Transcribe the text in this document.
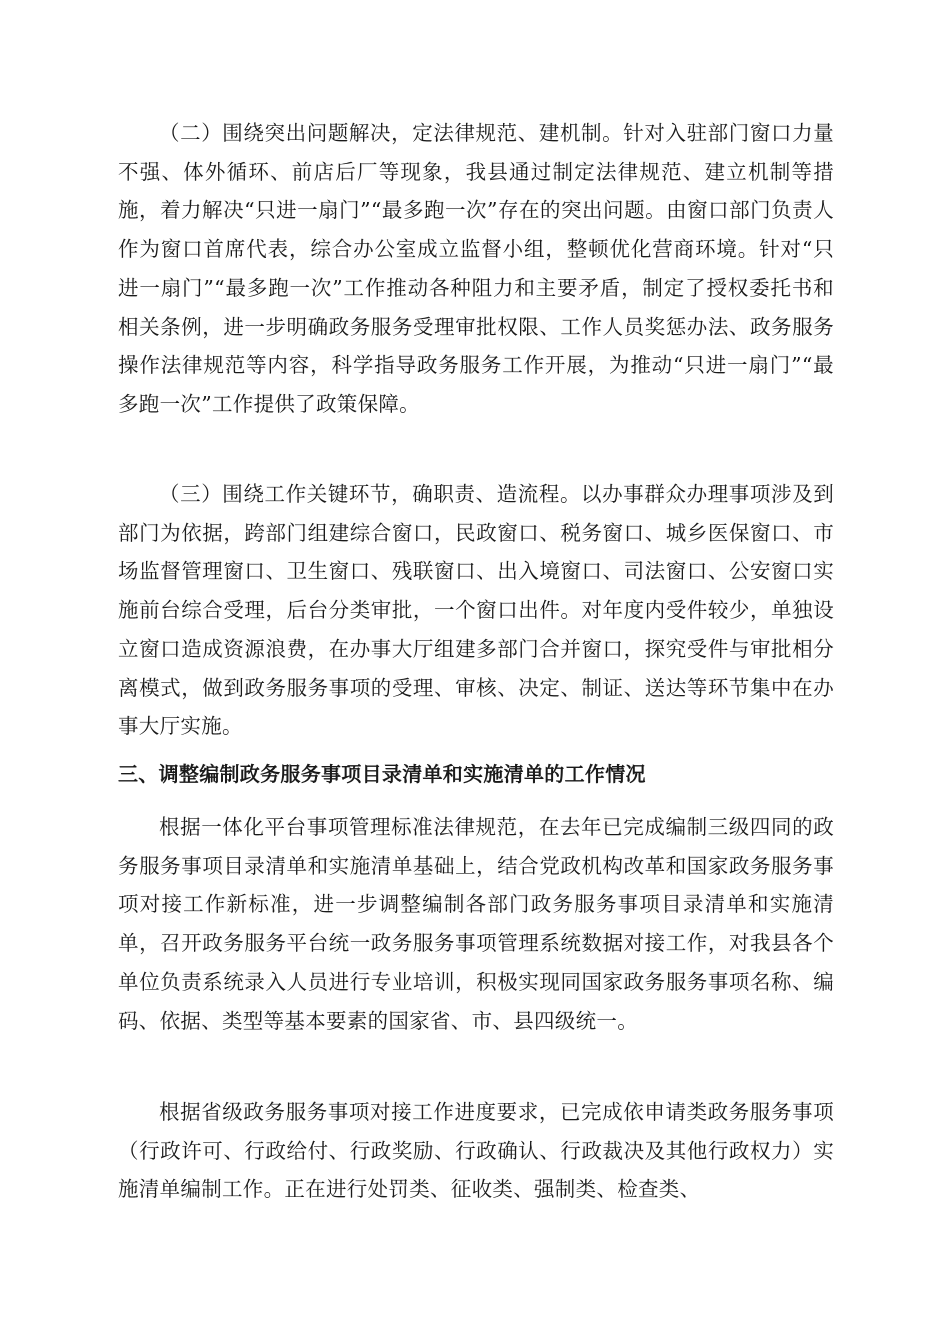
（二）围绕突出问题解决，定法律规范、建机制。针对入驻部门窗口力量不强、体外循环、前店后厂等现象，我县通过制定法律规范、建立机制等措施，着力解决“只进一扇门”“最多跑一次”存在的突出问题。由窗口部门负责人作为窗口首席代表，综合办公室成立监督小组，整顿优化营商环境。针对“只进一扇门”“最多跑一次”工作推动各种阻力和主要矛盾，制定了授权委托书和相关条例，进一步明确政务服务受理审批权限、工作人员奖惩办法、政务服务操作法律规范等内容，科学指导政务服务工作开展，为推动“只进一扇门”“最多跑一次”工作提供了政策保障。

（三）围绕工作关键环节，确职责、造流程。以办事群众办理事项涉及到部门为依据，跨部门组建综合窗口，民政窗口、税务窗口、城乡医保窗口、市场监督管理窗口、卫生窗口、残联窗口、出入境窗口、司法窗口、公安窗口实施前台综合受理，后台分类审批，一个窗口出件。对年度内受件较少，单独设立窗口造成资源浪费，在办事大厅组建多部门合并窗口，探究受件与审批相分离模式，做到政务服务事项的受理、审核、决定、制证、送达等环节集中在办事大厅实施。

三、调整编制政务服务事项目录清单和实施清单的工作情况

根据一体化平台事项管理标准法律规范，在去年已完成编制三级四同的政务服务事项目录清单和实施清单基础上，结合党政机构改革和国家政务服务事项对接工作新标准，进一步调整编制各部门政务服务事项目录清单和实施清单，召开政务服务平台统一政务服务事项管理系统数据对接工作，对我县各个单位负责系统录入人员进行专业培训，积极实现同国家政务服务事项名称、编码、依据、类型等基本要素的国家省、市、县四级统一。

根据省级政务服务事项对接工作进度要求，已完成依申请类政务服务事项（行政许可、行政给付、行政奖励、行政确认、行政裁决及其他行政权力）实施清单编制工作。正在进行处罚类、征收类、强制类、检查类、
